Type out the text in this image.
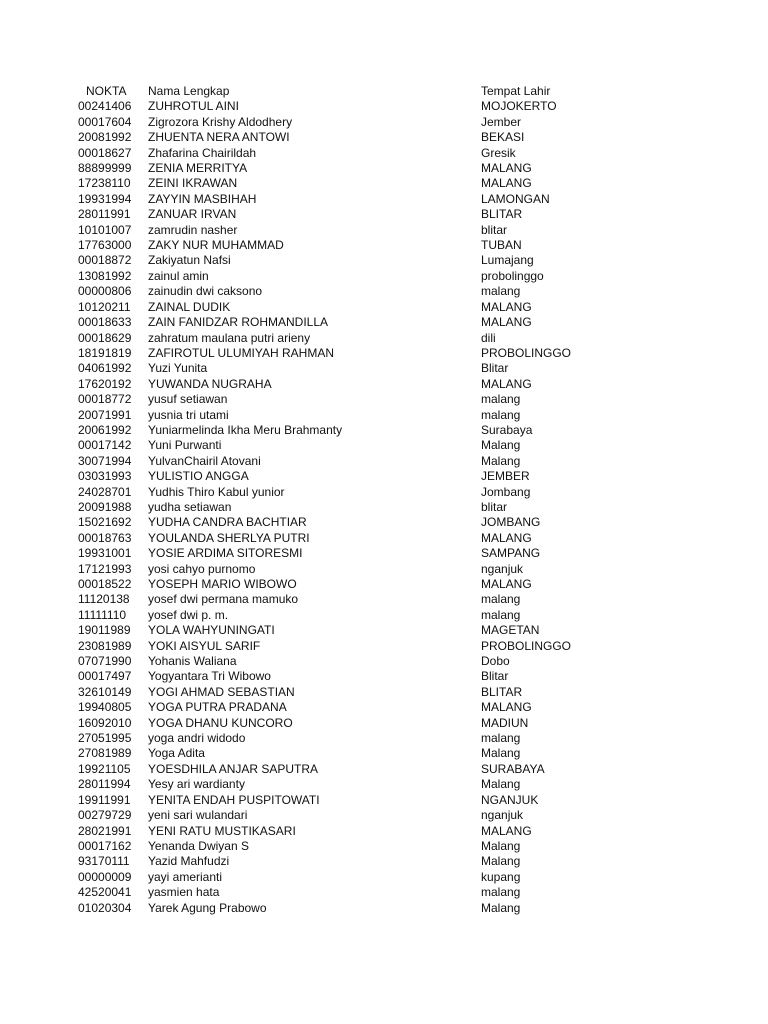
NOKTA	Nama Lengkap	Tempat Lahir
00241406	ZUHROTUL AINI	MOJOKERTO
00017604	Zigrozora Krishy Aldodhery	Jember
20081992	ZHUENTA NERA ANTOWI	BEKASI
00018627	Zhafarina Chairildah	Gresik
88899999	ZENIA MERRITYA	MALANG
17238110	ZEINI IKRAWAN	MALANG
19931994	ZAYYIN MASBIHAH	LAMONGAN
28011991	ZANUAR IRVAN	BLITAR
10101007	zamrudin nasher	blitar
17763000	ZAKY NUR MUHAMMAD	TUBAN
00018872	Zakiyatun Nafsi	Lumajang
13081992	zainul amin	probolinggo
00000806	zainudin dwi caksono	malang
10120211	ZAINAL DUDIK	MALANG
00018633	ZAIN FANIDZAR ROHMANDILLA	MALANG
00018629	zahratum maulana putri arieny	dili
18191819	ZAFIROTUL ULUMIYAH RAHMAN	PROBOLINGGO
04061992	Yuzi Yunita	Blitar
17620192	YUWANDA NUGRAHA	MALANG
00018772	yusuf setiawan	malang
20071991	yusnia tri utami	malang
20061992	Yuniarmelinda Ikha Meru Brahmanty	Surabaya
00017142	Yuni Purwanti	Malang
30071994	YulvanChairil Atovani	Malang
03031993	YULISTIO ANGGA	JEMBER
24028701	Yudhis Thiro Kabul yunior	Jombang
20091988	yudha setiawan	blitar
15021692	YUDHA CANDRA BACHTIAR	JOMBANG
00018763	YOULANDA SHERLYA PUTRI	MALANG
19931001	YOSIE ARDIMA SITORESMI	SAMPANG
17121993	yosi cahyo purnomo	nganjuk
00018522	YOSEPH MARIO WIBOWO	MALANG
11120138	yosef dwi permana mamuko	malang
11111110	yosef dwi p. m.	malang
19011989	YOLA WAHYUNINGATI	MAGETAN
23081989	YOKI AISYUL SARIF	PROBOLINGGO
07071990	Yohanis Waliana	Dobo
00017497	Yogyantara Tri Wibowo	Blitar
32610149	YOGI AHMAD SEBASTIAN	BLITAR
19940805	YOGA PUTRA PRADANA	MALANG
16092010	YOGA DHANU KUNCORO	MADIUN
27051995	yoga andri widodo	malang
27081989	Yoga Adita	Malang
19921105	YOESDHILA ANJAR SAPUTRA	SURABAYA
28011994	Yesy ari wardianty	Malang
19911991	YENITA ENDAH PUSPITOWATI	NGANJUK
00279729	yeni sari wulandari	nganjuk
28021991	YENI RATU MUSTIKASARI	MALANG
00017162	Yenanda Dwiyan S	Malang
93170111	Yazid Mahfudzi	Malang
00000009	yayi amerianti	kupang
42520041	yasmien hata	malang
01020304	Yarek Agung Prabowo	Malang
